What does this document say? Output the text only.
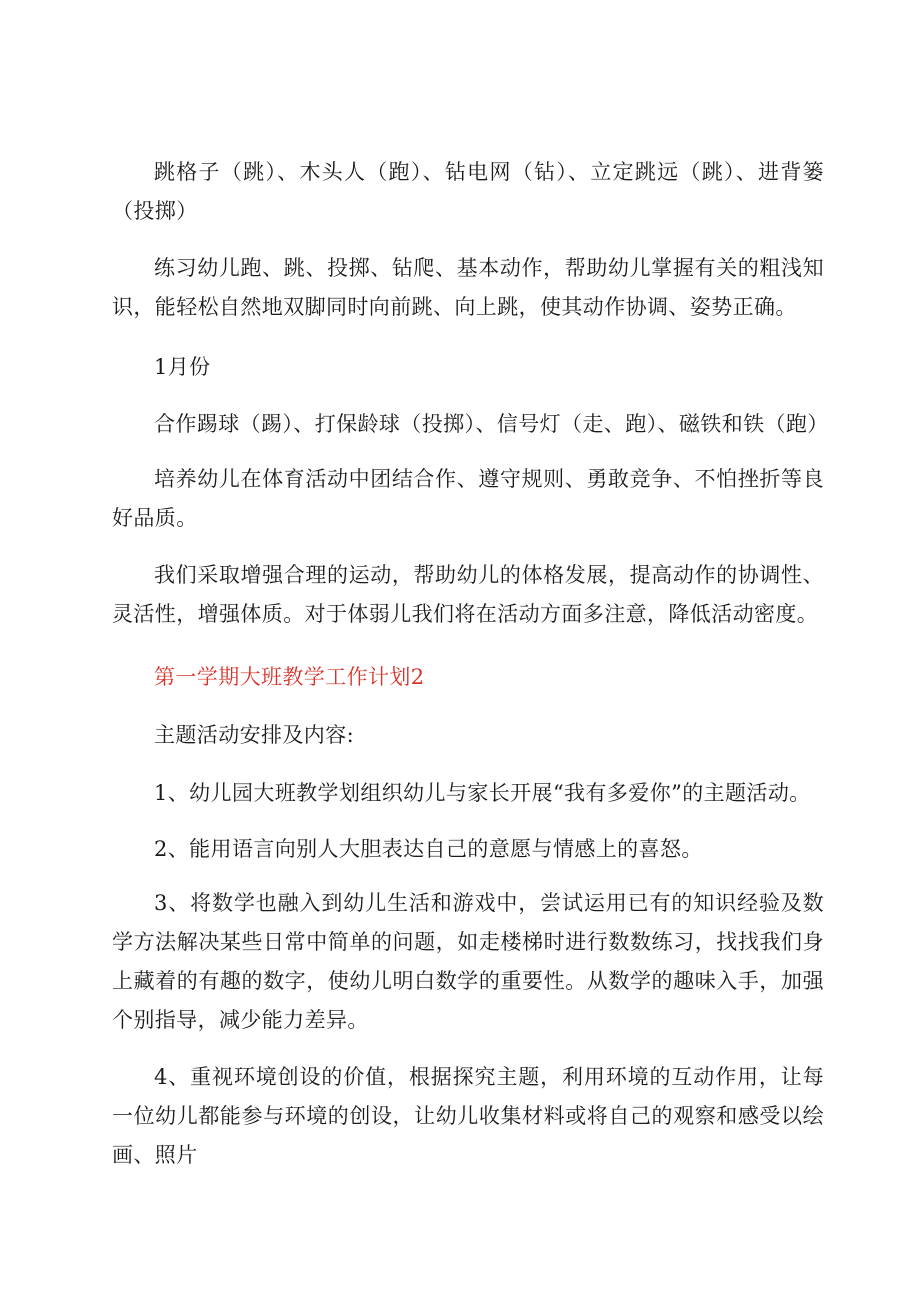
跳格子（跳）、木头人（跑）、钻电网（钻）、立定跳远（跳）、进背篓（投掷）

练习幼儿跑、跳、投掷、钻爬、基本动作，帮助幼儿掌握有关的粗浅知识，能轻松自然地双脚同时向前跳、向上跳，使其动作协调、姿势正确。

1月份

合作踢球（踢）、打保龄球（投掷）、信号灯（走、跑）、磁铁和铁（跑）

培养幼儿在体育活动中团结合作、遵守规则、勇敢竞争、不怕挫折等良好品质。

我们采取增强合理的运动，帮助幼儿的体格发展，提高动作的协调性、灵活性，增强体质。对于体弱儿我们将在活动方面多注意，降低活动密度。

第一学期大班教学工作计划2

主题活动安排及内容:

1、幼儿园大班教学划组织幼儿与家长开展“我有多爱你”的主题活动。

2、能用语言向别人大胆表达自己的意愿与情感上的喜怒。

3、将数学也融入到幼儿生活和游戏中，尝试运用已有的知识经验及数学方法解决某些日常中简单的问题，如走楼梯时进行数数练习，找找我们身上藏着的有趣的数字，使幼儿明白数学的重要性。从数学的趣味入手，加强个别指导，减少能力差异。

4、重视环境创设的价值，根据探究主题，利用环境的互动作用，让每一位幼儿都能参与环境的创设，让幼儿收集材料或将自己的观察和感受以绘画、照片
